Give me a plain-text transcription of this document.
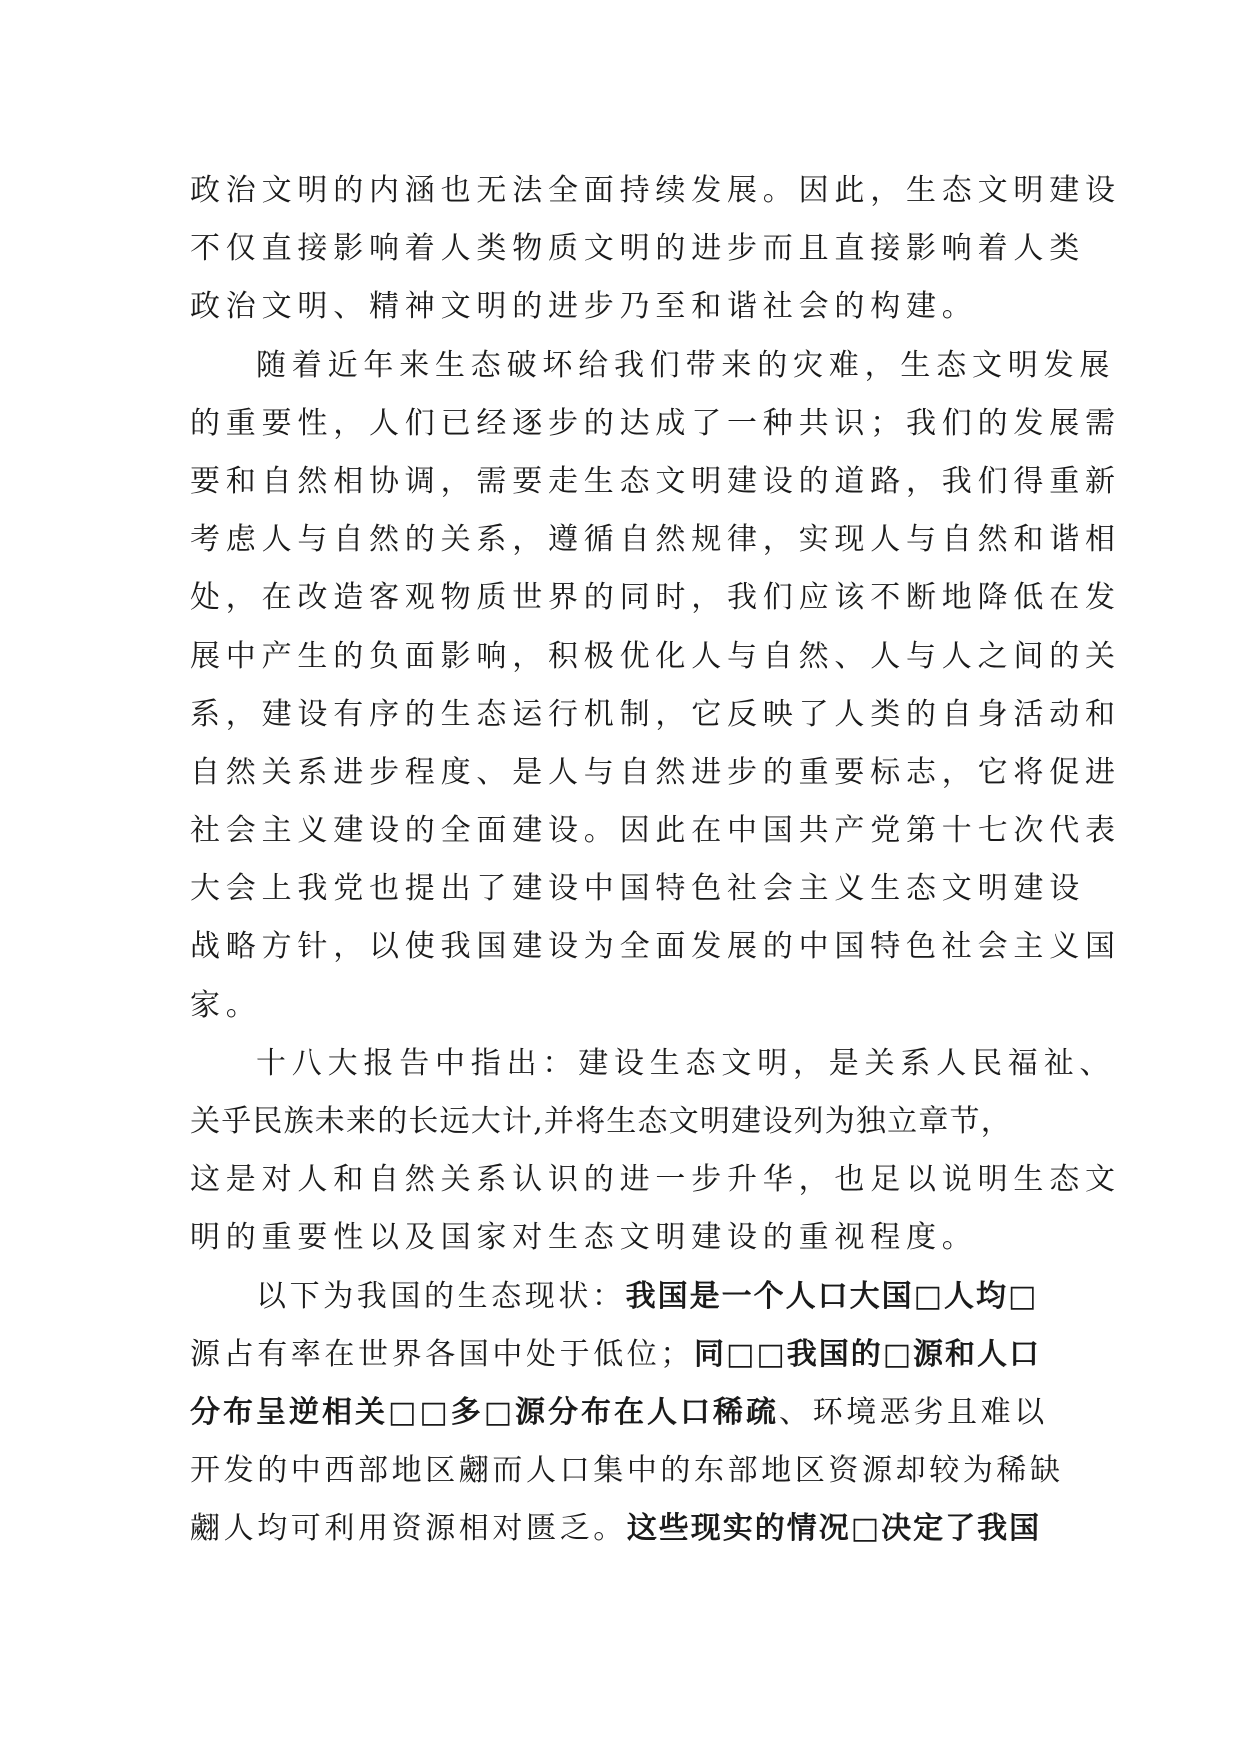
政治文明的内涵也无法全面持续发展。因此，生态文明建设
不仅直接影响着人类物质文明的进步而且直接影响着人类
政治文明、精神文明的进步乃至和谐社会的构建。
随着近年来生态破坏给我们带来的灾难，生态文明发展
的重要性，人们已经逐步的达成了一种共识；我们的发展需
要和自然相协调，需要走生态文明建设的道路，我们得重新
考虑人与自然的关系，遵循自然规律，实现人与自然和谐相
处，在改造客观物质世界的同时，我们应该不断地降低在发
展中产生的负面影响，积极优化人与自然、人与人之间的关
系，建设有序的生态运行机制，它反映了人类的自身活动和
自然关系进步程度、是人与自然进步的重要标志，它将促进
社会主义建设的全面建设。因此在中国共产党第十七次代表
大会上我党也提出了建设中国特色社会主义生态文明建设
战略方针，以使我国建设为全面发展的中国特色社会主义国
家。
十八大报告中指出：建设生态文明，是关系人民福祉、
关乎民族未来的长远大计,并将生态文明建设列为独立章节，
这是对人和自然关系认识的进一步升华，也足以说明生态文
明的重要性以及国家对生态文明建设的重视程度。
以下为我国的生态现状：我国是一个人口大国□人均□
源占有率在世界各国中处于低位；同□□我国的□源和人口
分布呈逆相关□□多□源分布在人口稀疏、环境恶劣且难以
开发的中西部地区翽而人口集中的东部地区资源却较为稀缺
翽人均可利用资源相对匮乏。这些现实的情况□决定了我国
